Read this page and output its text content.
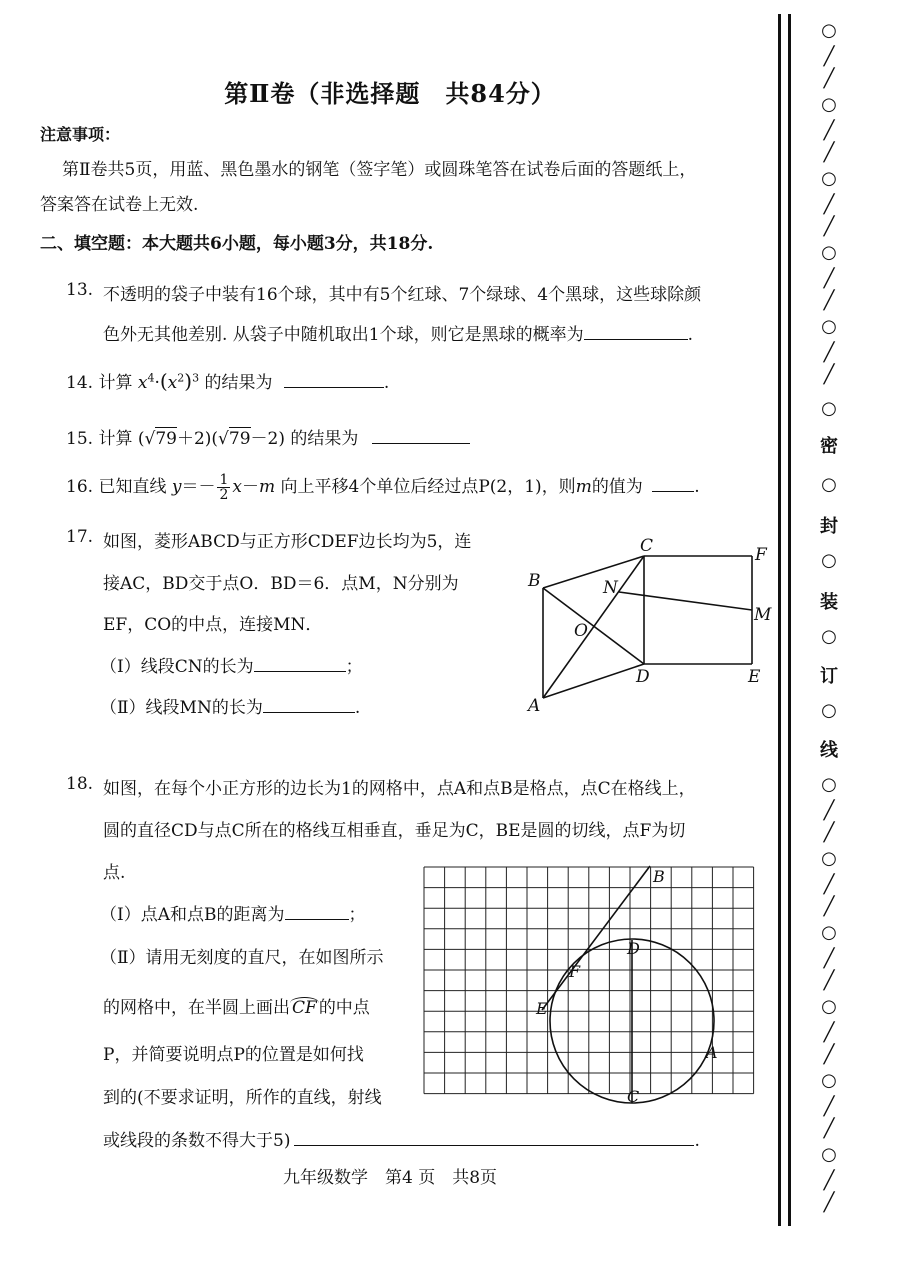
第Ⅱ卷（非选择题　共84分）
注意事项：
第Ⅱ卷共5页，用蓝、黑色墨水的钢笔（签字笔）或圆珠笔答在试卷后面的答题纸上，
答案答在试卷上无效.
二、填空题：本大题共6小题，每小题3分，共18分.
13. 不透明的袋子中装有16个球，其中有5个红球、7个绿球、4个黑球，这些球除颜
色外无其他差别. 从袋子中随机取出1个球，则它是黑球的概率为	.
14. 计算 $x^4\cdot(x^2)^3$ 的结果为	.
15. 计算 (√79＋2)(√79－2) 的结果为
16. 已知直线 $y=- \frac{1}{2} x-m$ 向上平移4个单位后经过点P(2，1)，则m的值为	.
17. 如图，菱形ABCD与正方形CDEF边长均为5，连
接AC，BD交于点O．BD＝6．点M，N分别为
EF，CO的中点，连接MN．
（Ⅰ）线段CN的长为	；
（Ⅱ）线段MN的长为	.
C	F
B	N
M
O
D	E
A
18. 如图，在每个小正方形的边长为1的网格中，点A和点B是格点，点C在格线上，
圆的直径CD与点C所在的格线互相垂直，垂足为C，BE是圆的切线，点F为切
点.
（Ⅰ）点A和点B的距离为	；
（Ⅱ）请用无刻度的直尺，在如图所示
的网格中，在半圆上画出 CF 的中点
P，并简要说明点P的位置是如何找
到的(不要求证明，所作的直线，射线
或线段的条数不得大于5)	.
B
D
F
E
A
C
九年级数学　第4 页　共8页
○
╱
╱
○
╱
╱
○
╱
╱
○
╱
╱
○
╱
╱
○
密
○
封
○
装
○
订
○
线
○
╱
╱
○
╱
╱
○
╱
╱
○
╱
╱
○
╱
╱
○
╱
╱
